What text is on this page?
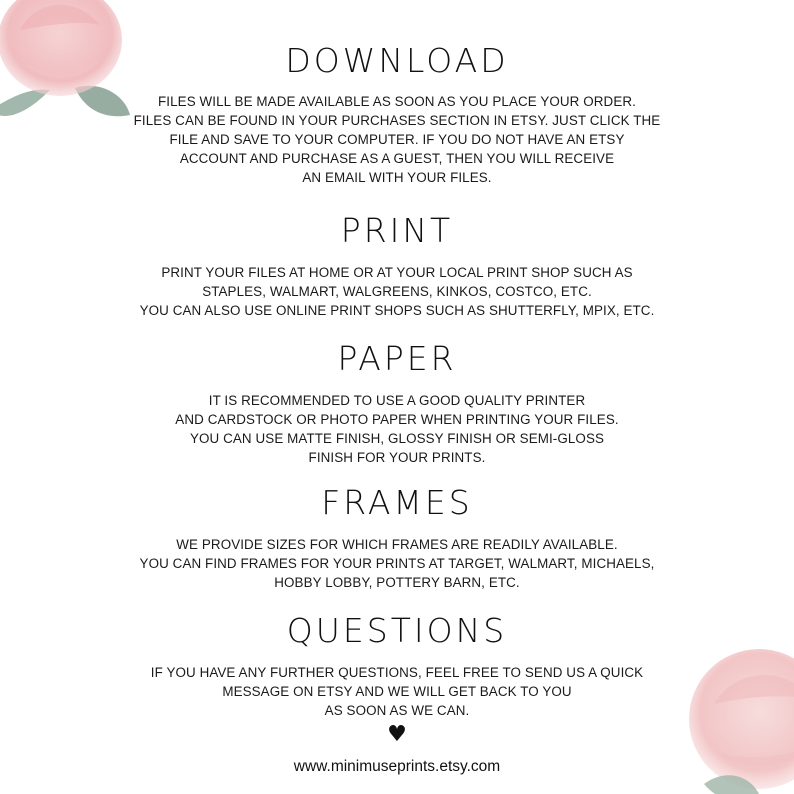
DOWNLOAD

FILES WILL BE MADE AVAILABLE AS SOON AS YOU PLACE YOUR ORDER.
FILES CAN BE FOUND IN YOUR PURCHASES SECTION IN ETSY. JUST CLICK THE
FILE AND SAVE TO YOUR COMPUTER. IF YOU DO NOT HAVE AN ETSY
ACCOUNT AND PURCHASE AS A GUEST, THEN YOU WILL RECEIVE
AN EMAIL WITH YOUR FILES.

PRINT

PRINT YOUR FILES AT HOME OR AT YOUR LOCAL PRINT SHOP SUCH AS
STAPLES, WALMART, WALGREENS, KINKOS, COSTCO, ETC.
YOU CAN ALSO USE ONLINE PRINT SHOPS SUCH AS SHUTTERFLY, MPIX, ETC.

PAPER

IT IS RECOMMENDED TO USE A GOOD QUALITY PRINTER
AND CARDSTOCK OR PHOTO PAPER WHEN PRINTING YOUR FILES.
YOU CAN USE MATTE FINISH, GLOSSY FINISH OR SEMI-GLOSS
FINISH FOR YOUR PRINTS.

FRAMES

WE PROVIDE SIZES FOR WHICH FRAMES ARE READILY AVAILABLE.
YOU CAN FIND FRAMES FOR YOUR PRINTS AT TARGET, WALMART, MICHAELS,
HOBBY LOBBY, POTTERY BARN, ETC.

QUESTIONS

IF YOU HAVE ANY FURTHER QUESTIONS, FEEL FREE TO SEND US A QUICK
MESSAGE ON ETSY AND WE WILL GET BACK TO YOU
AS SOON AS WE CAN.

♥
www.minimuseprints.etsy.com
